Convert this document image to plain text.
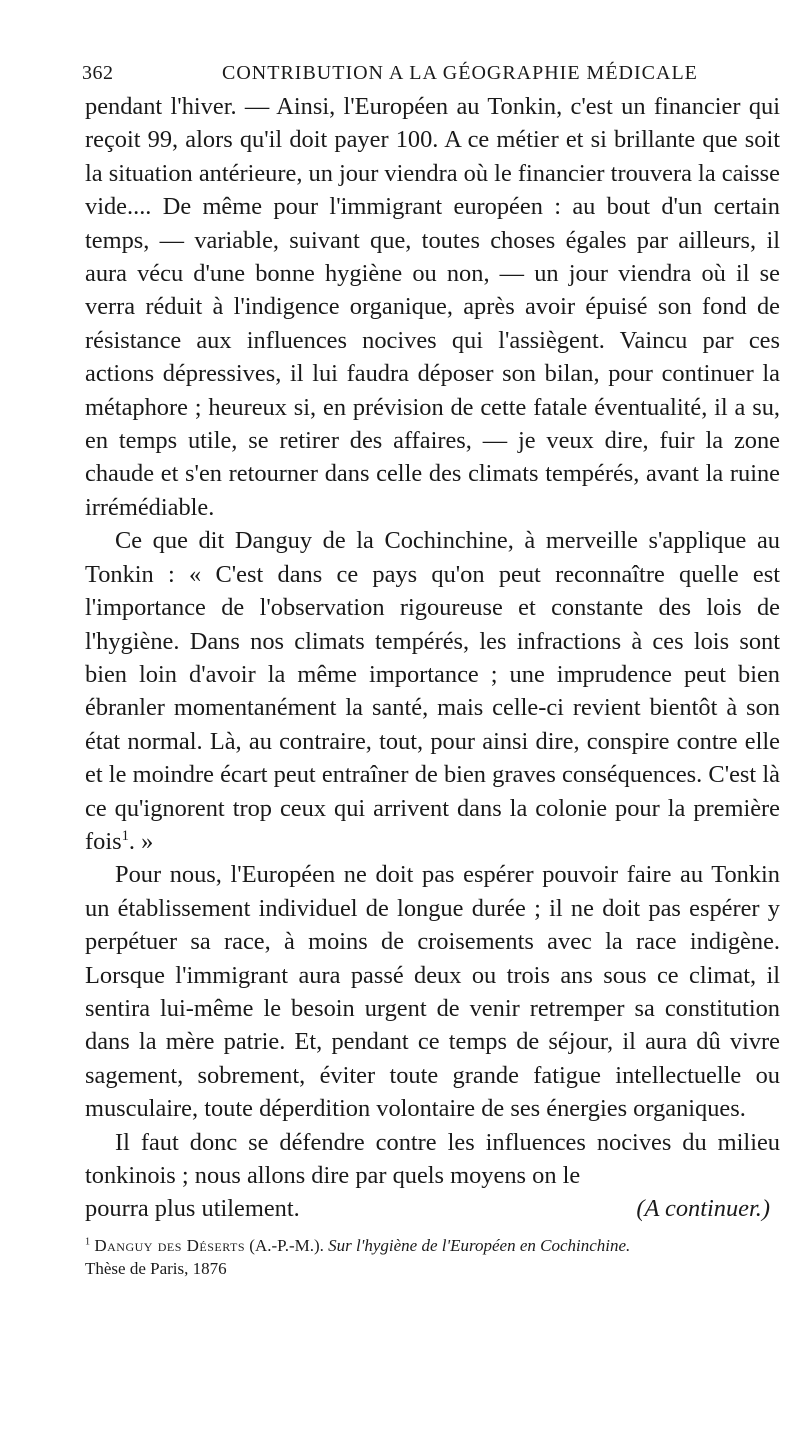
362	CONTRIBUTION A LA GÉOGRAPHIE MÉDICALE

pendant l'hiver. — Ainsi, l'Européen au Tonkin, c'est un financier qui reçoit 99, alors qu'il doit payer 100. A ce métier et si brillante que soit la situation antérieure, un jour viendra où le financier trouvera la caisse vide.... De même pour l'immigrant européen : au bout d'un certain temps, — variable, suivant que, toutes choses égales par ailleurs, il aura vécu d'une bonne hygiène ou non, — un jour viendra où il se verra réduit à l'indigence organique, après avoir épuisé son fond de résistance aux influences nocives qui l'assiègent. Vaincu par ces actions dépressives, il lui faudra déposer son bilan, pour continuer la métaphore ; heureux si, en prévision de cette fatale éventualité, il a su, en temps utile, se retirer des affaires, — je veux dire, fuir la zone chaude et s'en retourner dans celle des climats tempérés, avant la ruine irrémédiable.

Ce que dit Danguy de la Cochinchine, à merveille s'applique au Tonkin : « C'est dans ce pays qu'on peut reconnaître quelle est l'importance de l'observation rigoureuse et constante des lois de l'hygiène. Dans nos climats tempérés, les infractions à ces lois sont bien loin d'avoir la même importance ; une imprudence peut bien ébranler momentanément la santé, mais celle-ci revient bientôt à son état normal. Là, au contraire, tout, pour ainsi dire, conspire contre elle et le moindre écart peut entraîner de bien graves conséquences. C'est là ce qu'ignorent trop ceux qui arrivent dans la colonie pour la première fois$^1$. »

Pour nous, l'Européen ne doit pas espérer pouvoir faire au Tonkin un établissement individuel de longue durée ; il ne doit pas espérer y perpétuer sa race, à moins de croisements avec la race indigène. Lorsque l'immigrant aura passé deux ou trois ans sous ce climat, il sentira lui-même le besoin urgent de venir retremper sa constitution dans la mère patrie. Et, pendant ce temps de séjour, il aura dû vivre sagement, sobrement, éviter toute grande fatigue intellectuelle ou musculaire, toute déperdition volontaire de ses énergies organiques.

Il faut donc se défendre contre les influences nocives du milieu tonkinois ; nous allons dire par quels moyens on le

pourra plus utilement.	(A continuer.)
$^1$ Danguy des Déserts (A.-P.-M.). Sur l'hygiène de l'Européen en Cochinchine.
Thèse de Paris, 1876
